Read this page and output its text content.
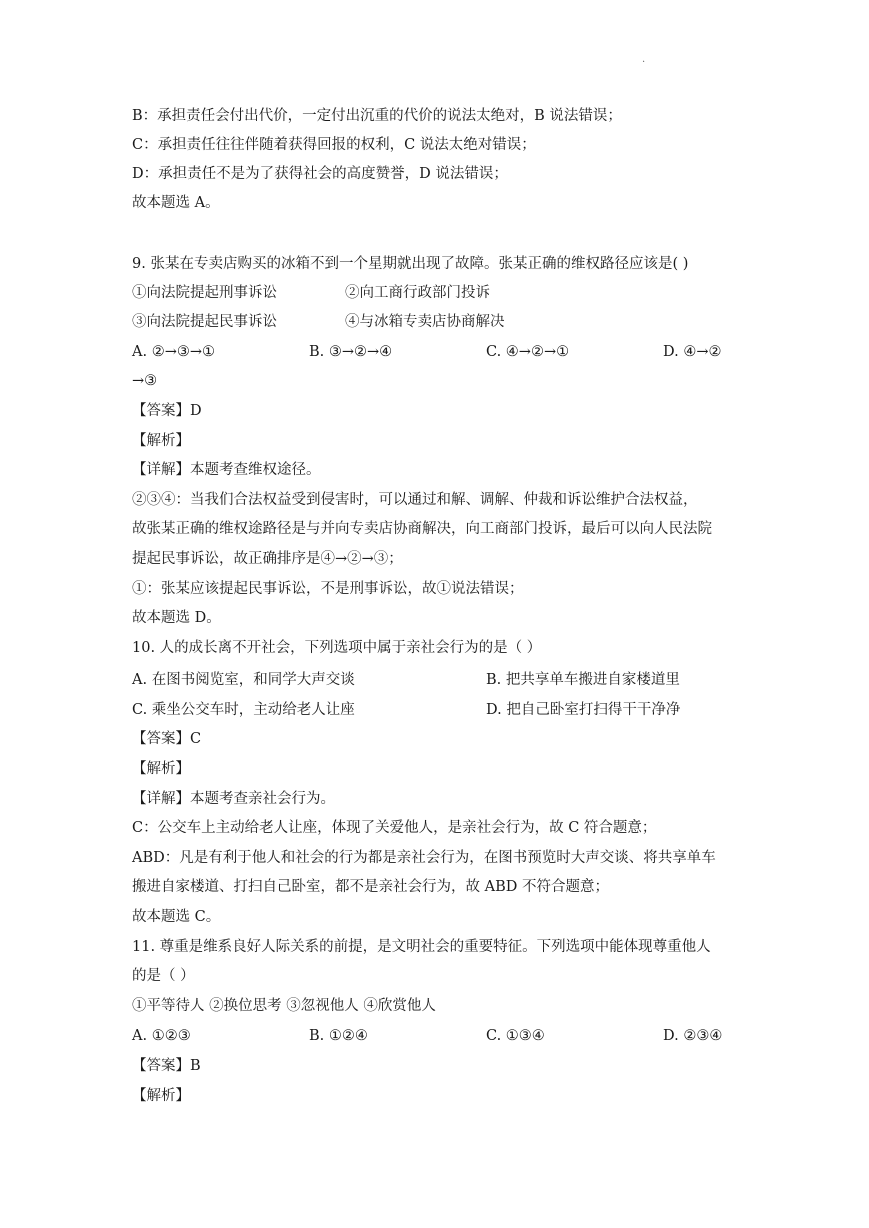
.
B：承担责任会付出代价，一定付出沉重的代价的说法太绝对，B 说法错误；
C：承担责任往往伴随着获得回报的权利，C 说法太绝对错误；
D：承担责任不是为了获得社会的高度赞誉，D 说法错误；
故本题选 A。
9. 张某在专卖店购买的冰箱不到一个星期就出现了故障。张某正确的维权路径应该是( )
①向法院提起刑事诉讼	②向工商行政部门投诉
③向法院提起民事诉讼	④与冰箱专卖店协商解决
A. ②→③→①	B. ③→②→④	C. ④→②→①	D. ④→②
→③
【答案】D
【解析】
【详解】本题考查维权途径。
②③④：当我们合法权益受到侵害时，可以通过和解、调解、仲裁和诉讼维护合法权益，
故张某正确的维权途路径是与并向专卖店协商解决，向工商部门投诉，最后可以向人民法院
提起民事诉讼，故正确排序是④→②→③；
①：张某应该提起民事诉讼，不是刑事诉讼，故①说法错误；
故本题选 D。
10. 人的成长离不开社会，下列选项中属于亲社会行为的是（ ）
A. 在图书阅览室，和同学大声交谈	B. 把共享单车搬进自家楼道里
C. 乘坐公交车时，主动给老人让座	D. 把自己卧室打扫得干干净净
【答案】C
【解析】
【详解】本题考查亲社会行为。
C：公交车上主动给老人让座，体现了关爱他人，是亲社会行为，故 C 符合题意；
ABD：凡是有利于他人和社会的行为都是亲社会行为，在图书预览时大声交谈、将共享单车
搬进自家楼道、打扫自己卧室，都不是亲社会行为，故 ABD 不符合题意；
故本题选 C。
11. 尊重是维系良好人际关系的前提，是文明社会的重要特征。下列选项中能体现尊重他人
的是（ ）
①平等待人 ②换位思考 ③忽视他人 ④欣赏他人
A. ①②③	B. ①②④	C. ①③④	D. ②③④
【答案】B
【解析】
